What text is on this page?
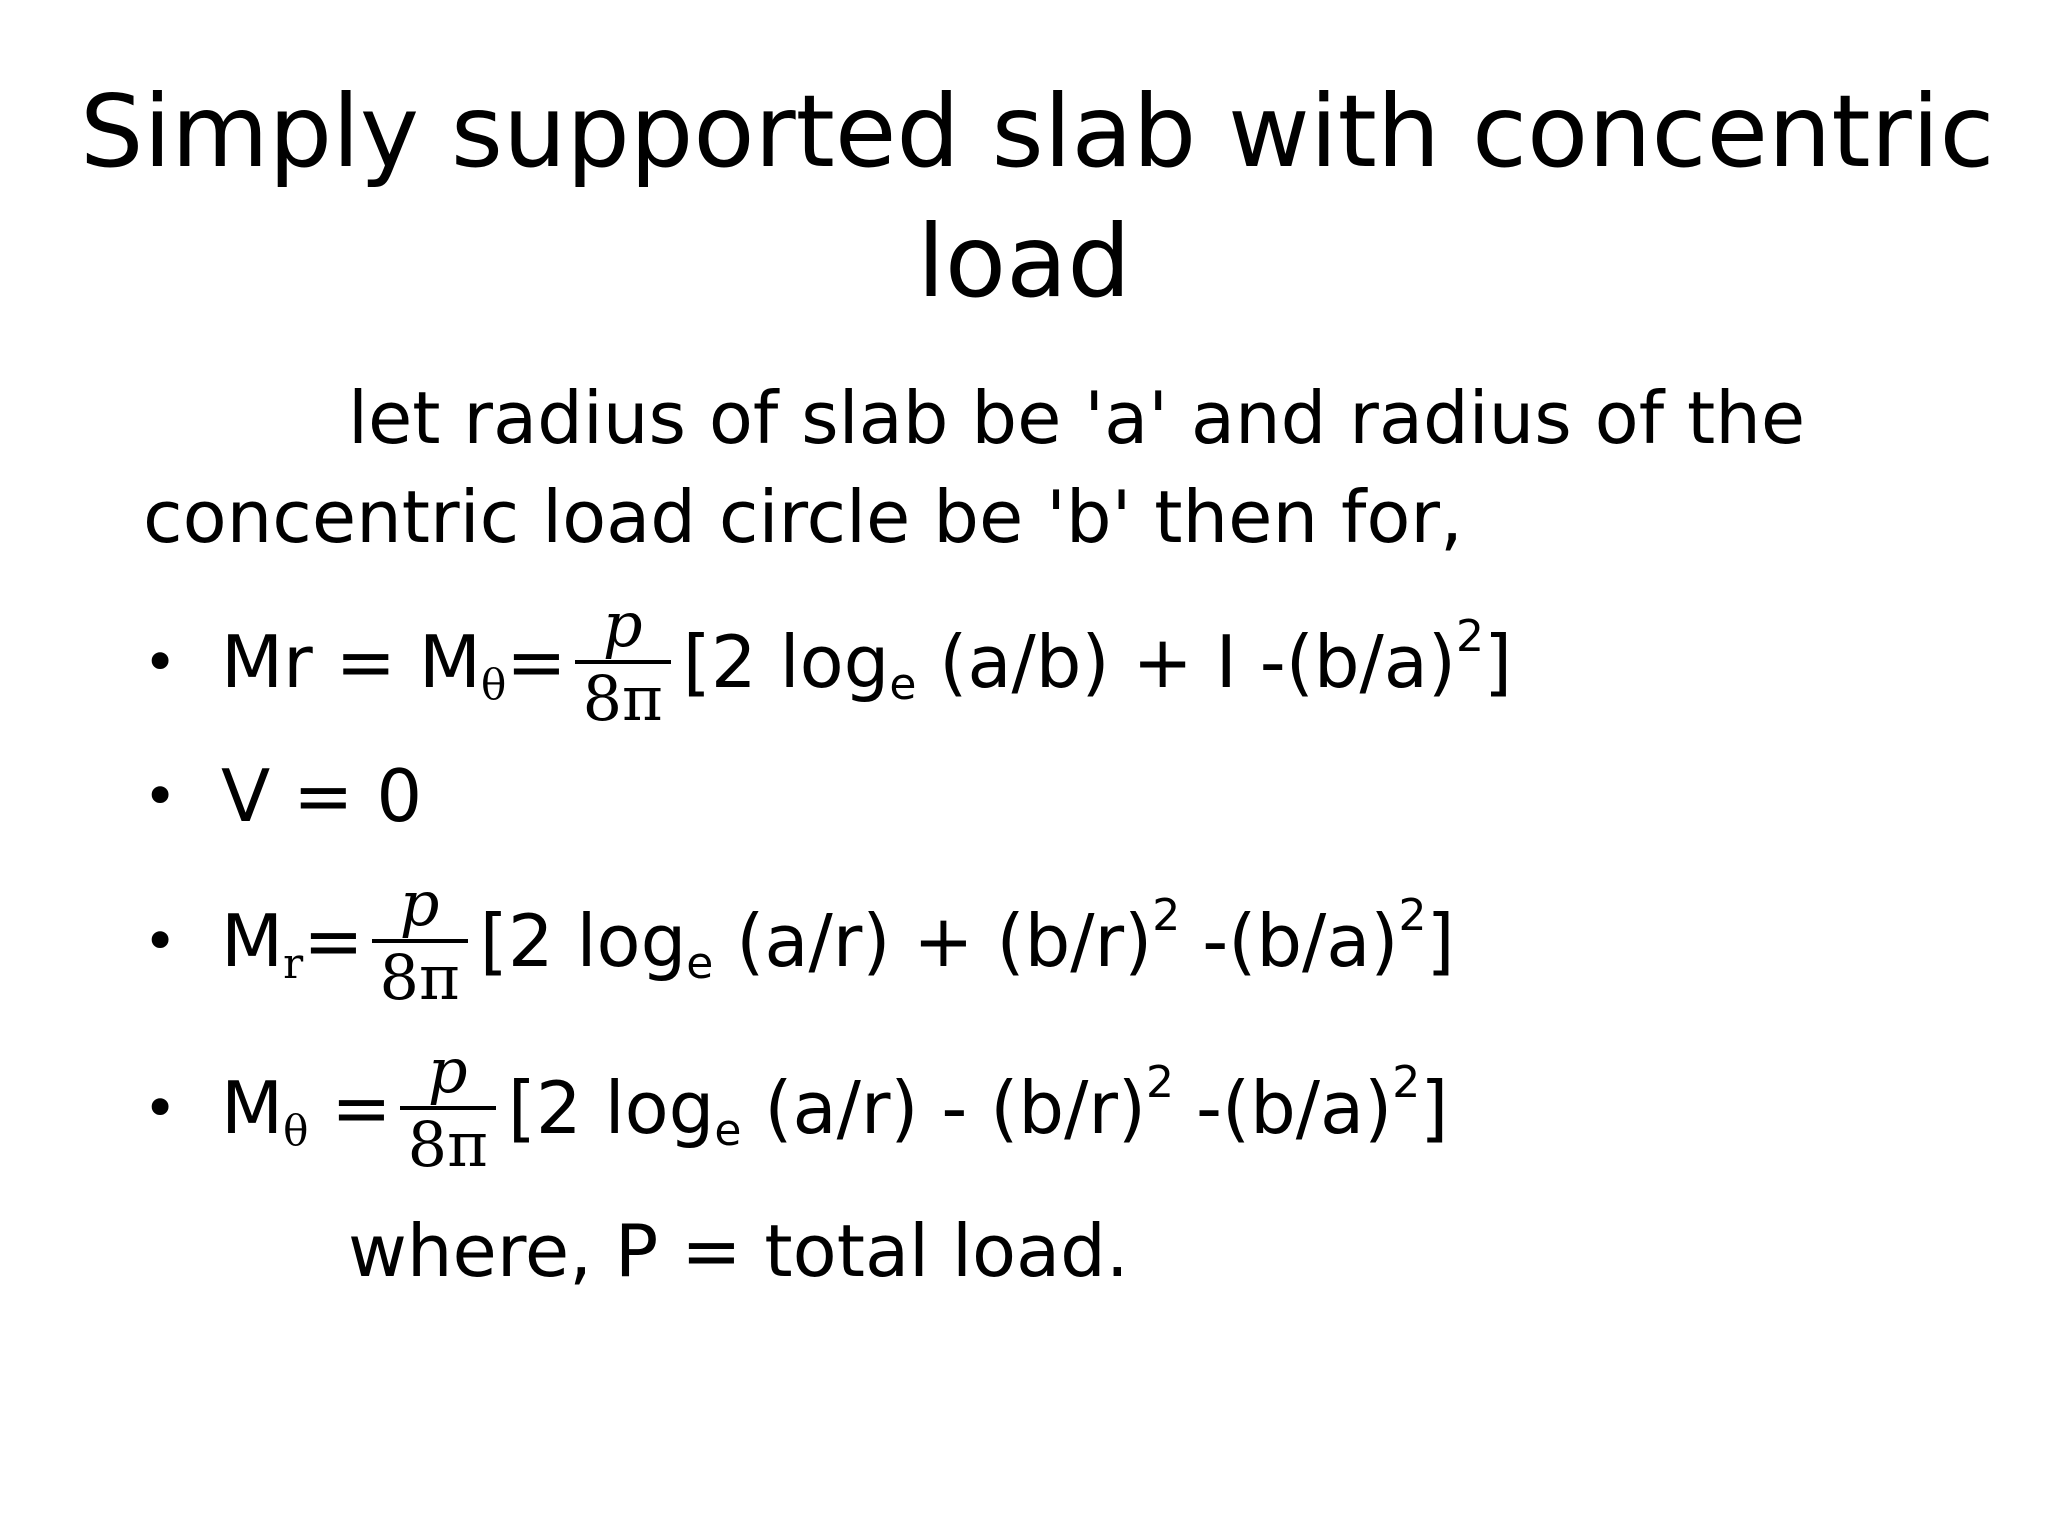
Simply supported slab with concentric
load
let radius of slab be 'a' and radius of the
concentric load circle be 'b' then for,
• Mr = M $\theta = \frac{p}{8\pi} [2$ log e (a/b) + I -(b/a) 2 ]
• V = 0
• M $r = \frac{p}{8\pi} [2$ log e (a/r) + (b/r) 2 -(b/a) 2 ]
• M $\theta = \frac{p}{8\pi} [2$ log e (a/r) - (b/r) 2 -(b/a) 2 ]
where, P = total load.
